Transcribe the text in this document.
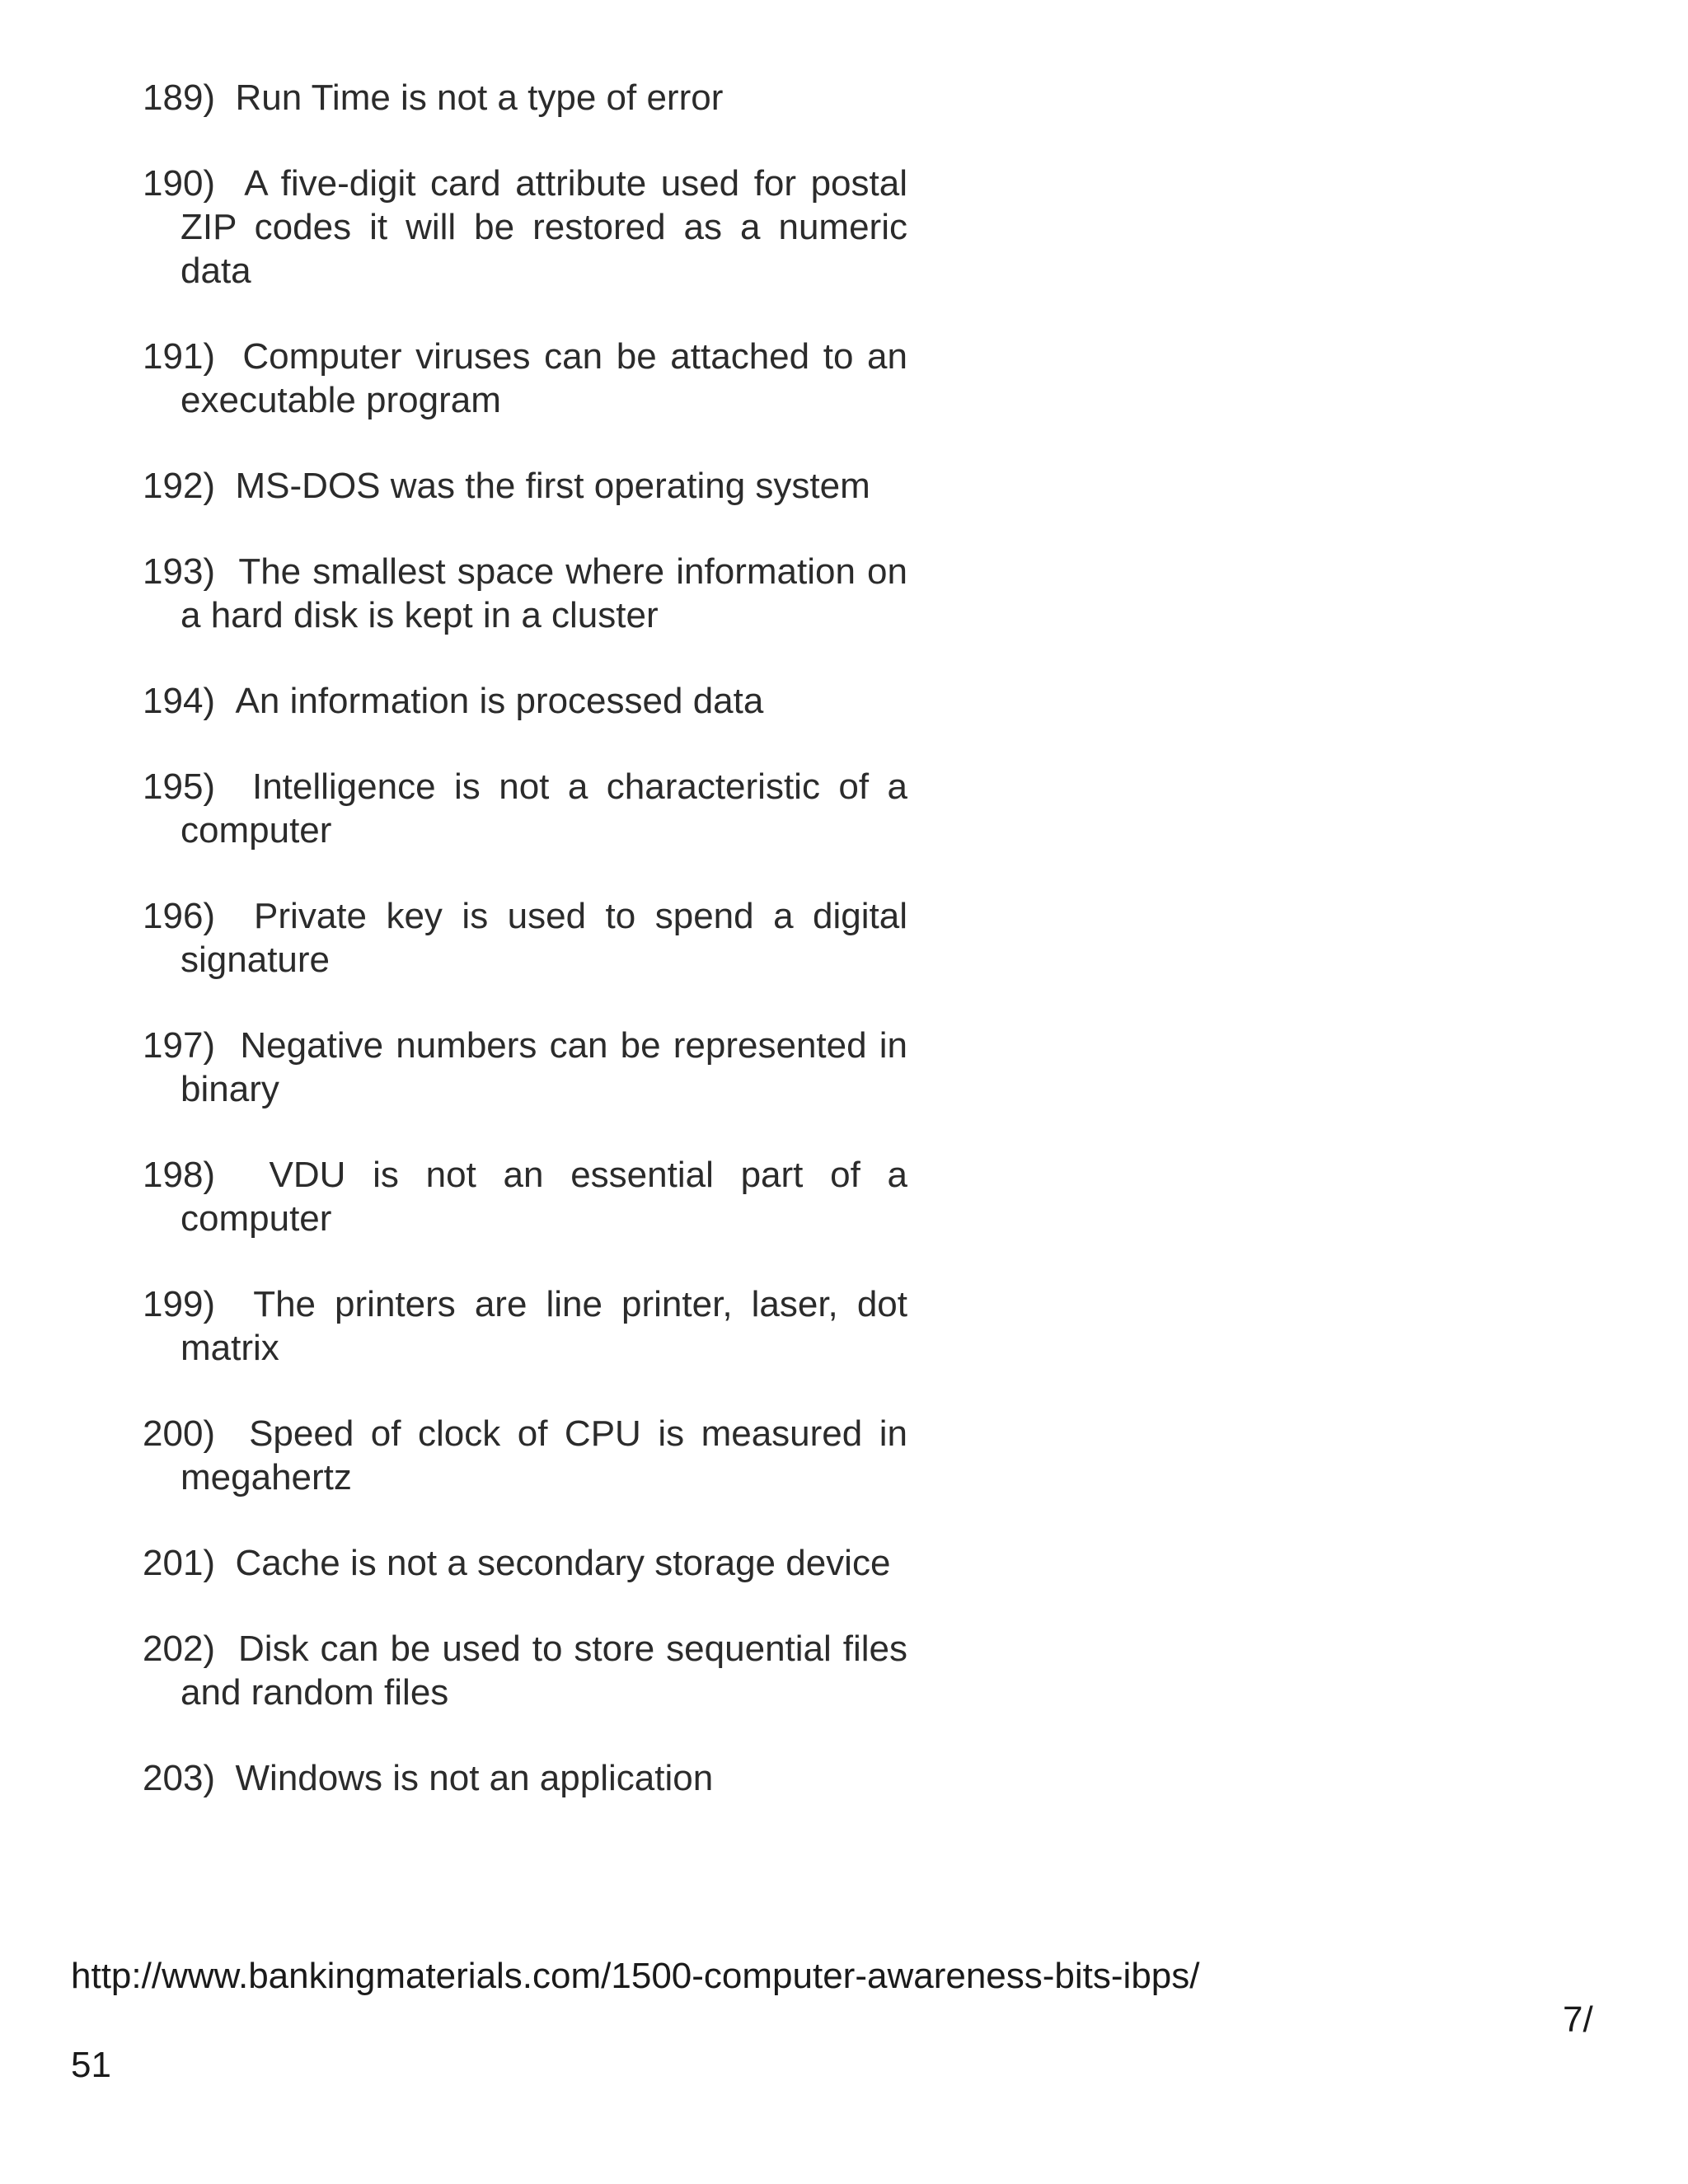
189) Run Time is not a type of error
190) A five-digit card attribute used for postal ZIP codes it will be restored as a numeric data
191) Computer viruses can be attached to an executable program
192) MS-DOS was the first operating system
193) The smallest space where information on a hard disk is kept in a cluster
194) An information is processed data
195) Intelligence is not a characteristic of a computer
196) Private key is used to spend a digital signature
197) Negative numbers can be represented in binary
198) VDU is not an essential part of a computer
199) The printers are line printer, laser, dot matrix
200) Speed of clock of CPU is measured in megahertz
201) Cache is not a secondary storage device
202) Disk can be used to store sequential files and random files
203) Windows is not an application
http://www.bankingmaterials.com/1500-computer-awareness-bits-ibps/
7/
51
